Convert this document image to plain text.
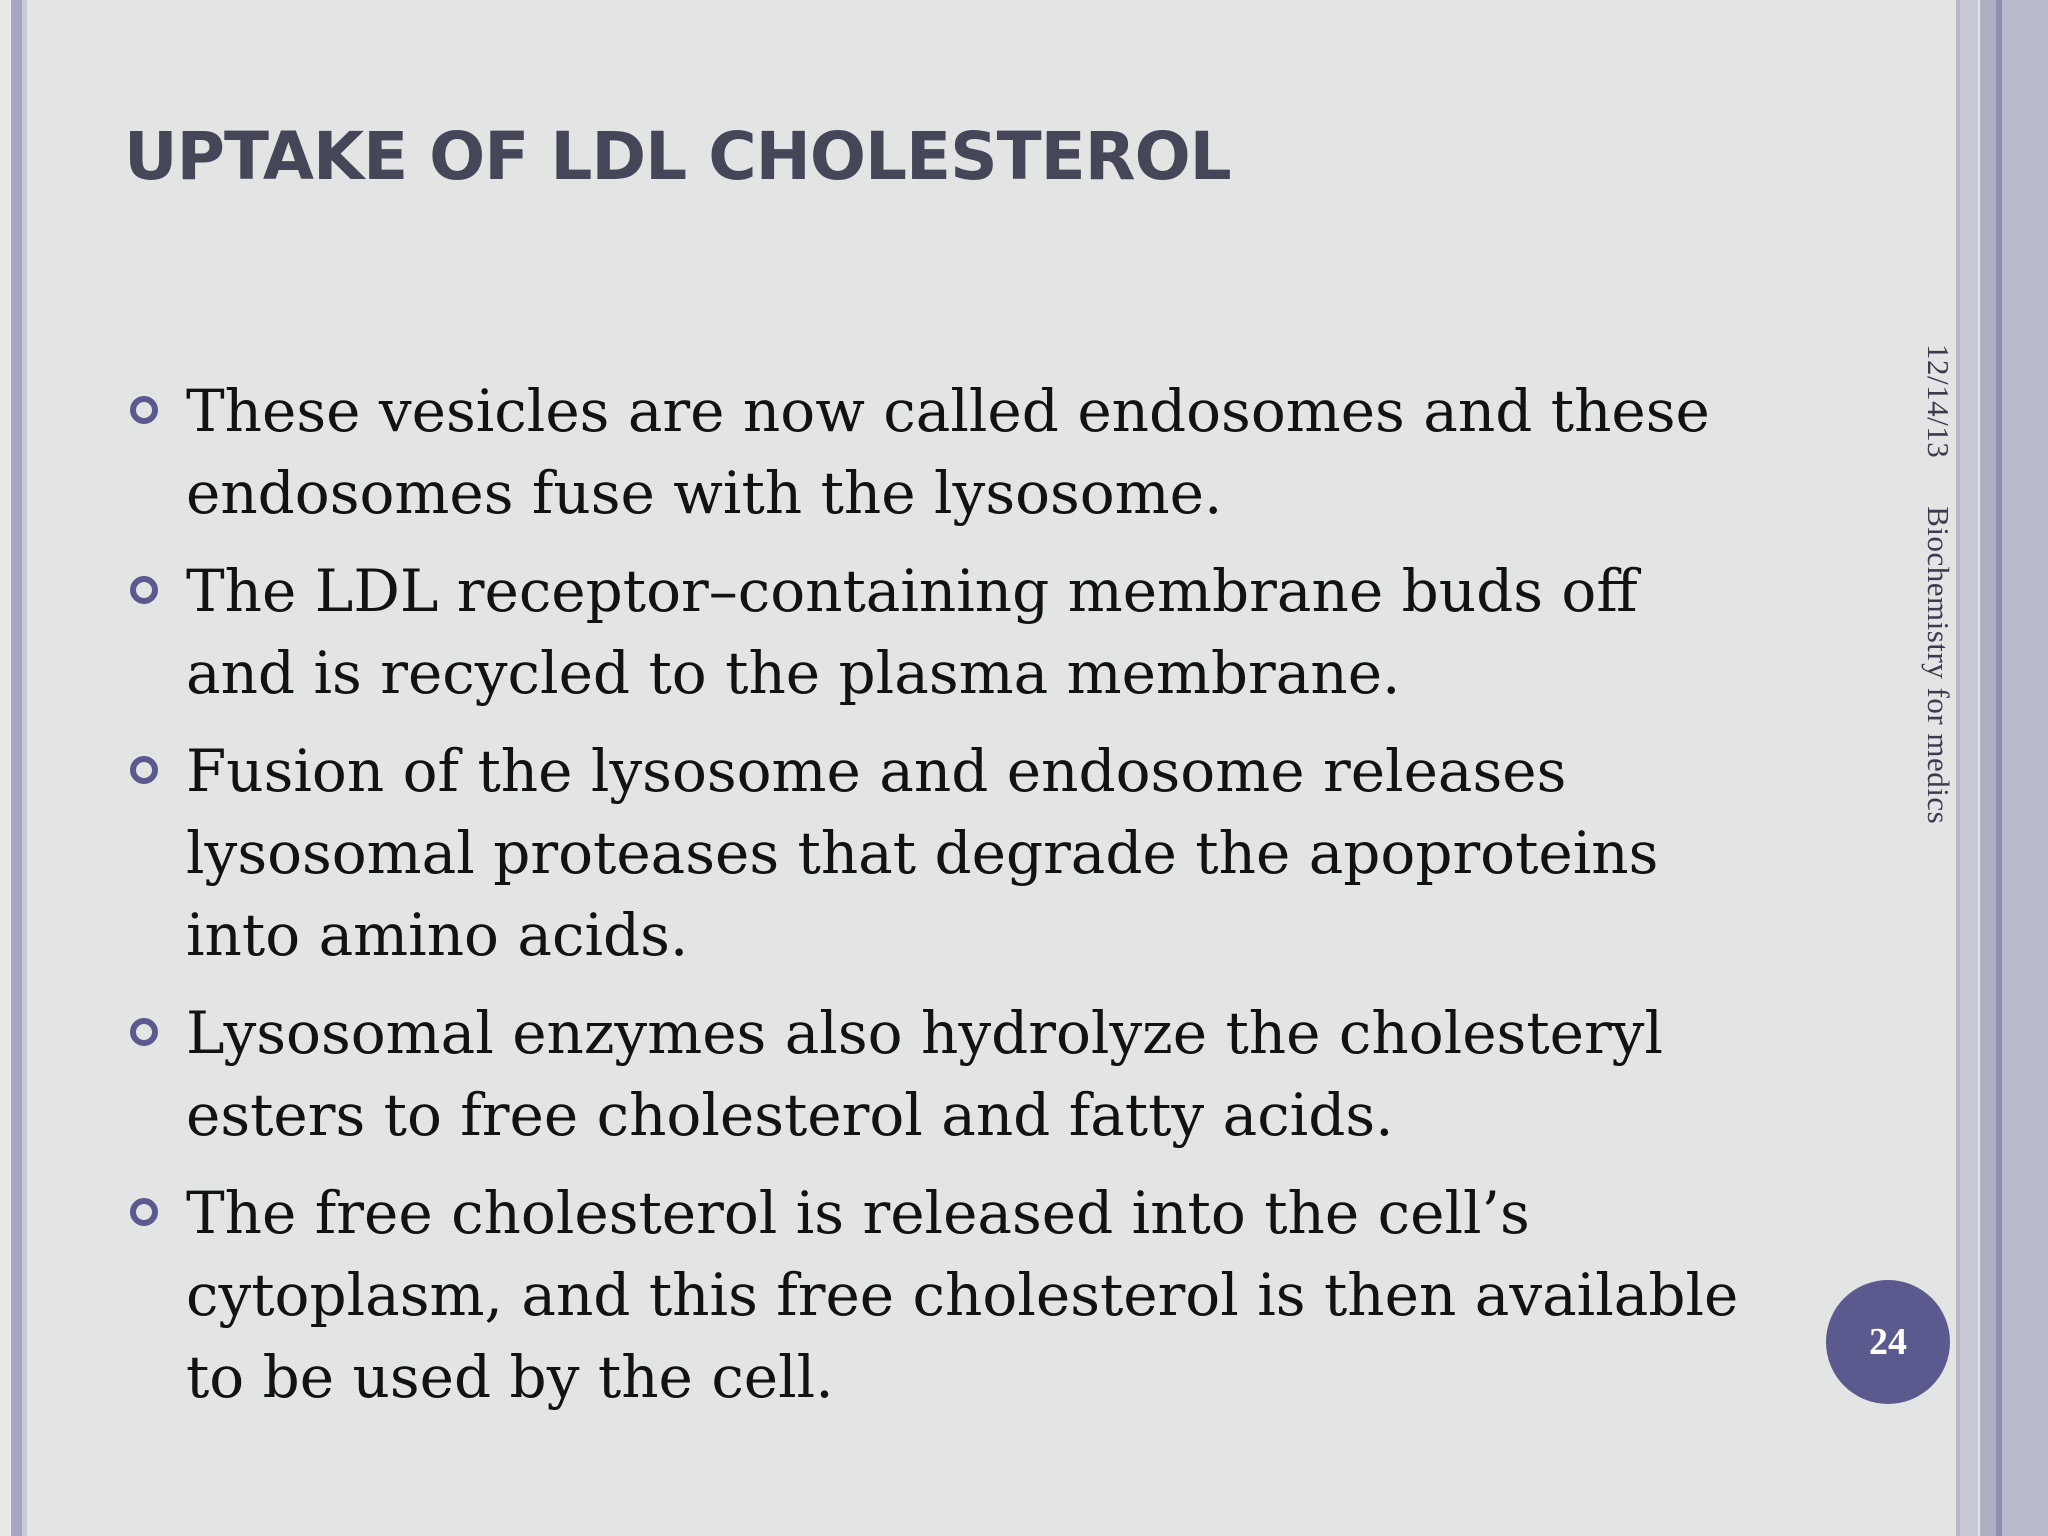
UPTAKE OF LDL CHOLESTEROL
These vesicles are now called endosomes and these endosomes fuse with the lysosome.
The LDL receptor–containing membrane buds off and is recycled to the plasma membrane.
Fusion of the lysosome and endosome releases lysosomal proteases that degrade the apoproteins into amino acids.
Lysosomal enzymes also hydrolyze the cholesteryl esters to free cholesterol and fatty acids.
The free cholesterol is released into the cell’s cytoplasm, and this free cholesterol is then available to be used by the cell.
12/14/13Biochemistry for medics
24
